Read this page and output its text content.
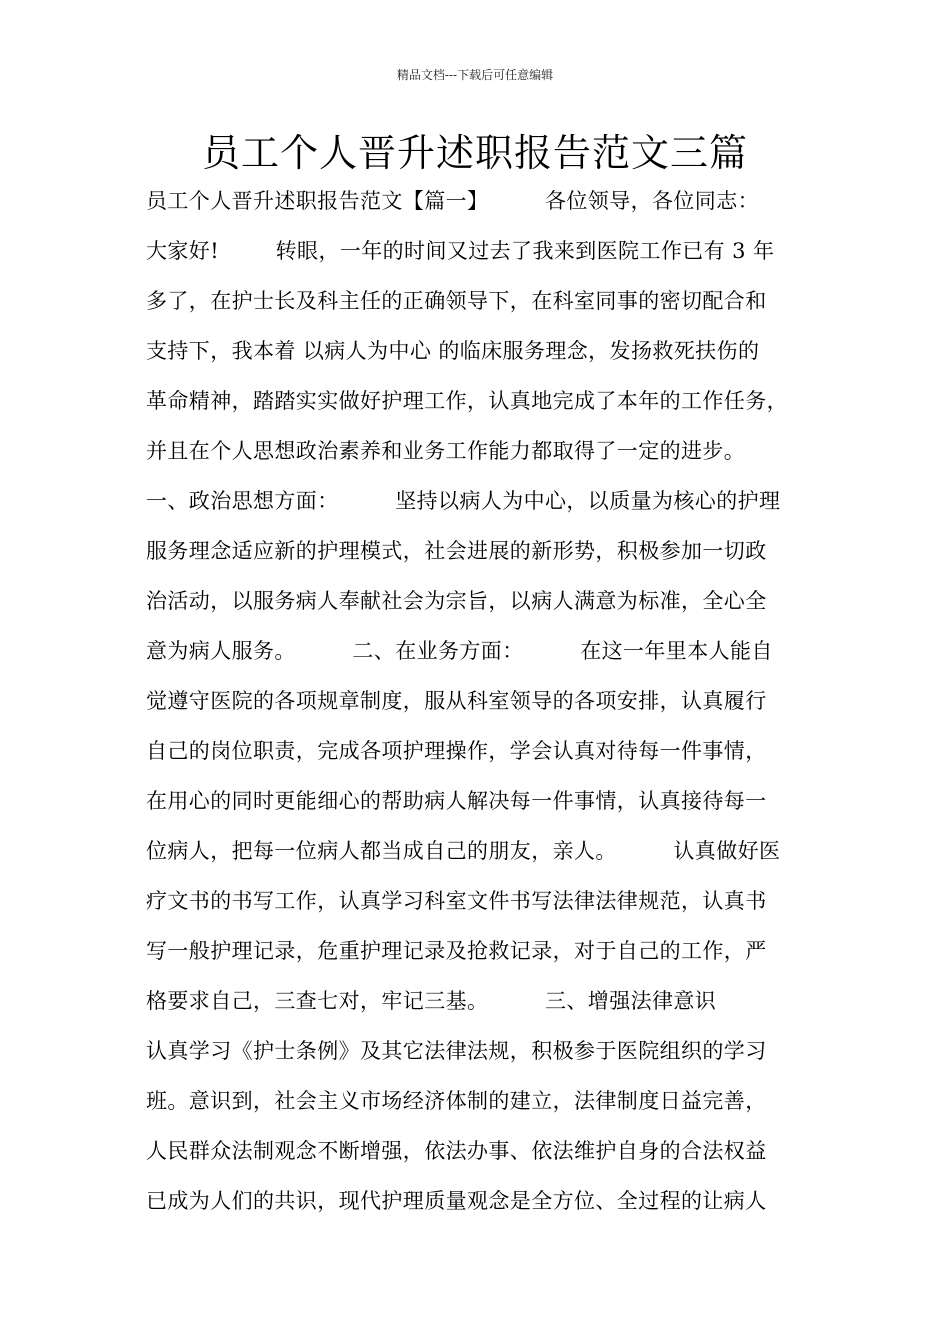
精品文档---下载后可任意编辑
员工个人晋升述职报告范文三篇
员工个人晋升述职报告范文【篇一】        各位领导，各位同志：
大家好!        转眼，一年的时间又过去了我来到医院工作已有 3 年
多了，在护士长及科主任的正确领导下，在科室同事的密切配合和
支持下，我本着 以病人为中心 的临床服务理念，发扬救死扶伤的
革命精神，踏踏实实做好护理工作，认真地完成了本年的工作任务，
并且在个人思想政治素养和业务工作能力都取得了一定的进步。
一、政治思想方面：        坚持以病人为中心，以质量为核心的护理
服务理念适应新的护理模式，社会进展的新形势，积极参加一切政
治活动，以服务病人奉献社会为宗旨，以病人满意为标准，全心全
意为病人服务。        二、在业务方面：        在这一年里本人能自
觉遵守医院的各项规章制度，服从科室领导的各项安排，认真履行
自己的岗位职责，完成各项护理操作，学会认真对待每一件事情，
在用心的同时更能细心的帮助病人解决每一件事情，认真接待每一
位病人，把每一位病人都当成自己的朋友，亲人。        认真做好医
疗文书的书写工作，认真学习科室文件书写法律法律规范，认真书
写一般护理记录，危重护理记录及抢救记录，对于自己的工作，严
格要求自己，三查七对，牢记三基。        三、增强法律意识
认真学习《护士条例》及其它法律法规，积极参于医院组织的学习
班。意识到，社会主义市场经济体制的建立，法律制度日益完善，
人民群众法制观念不断增强，依法办事、依法维护自身的合法权益
已成为人们的共识，现代护理质量观念是全方位、全过程的让病人
